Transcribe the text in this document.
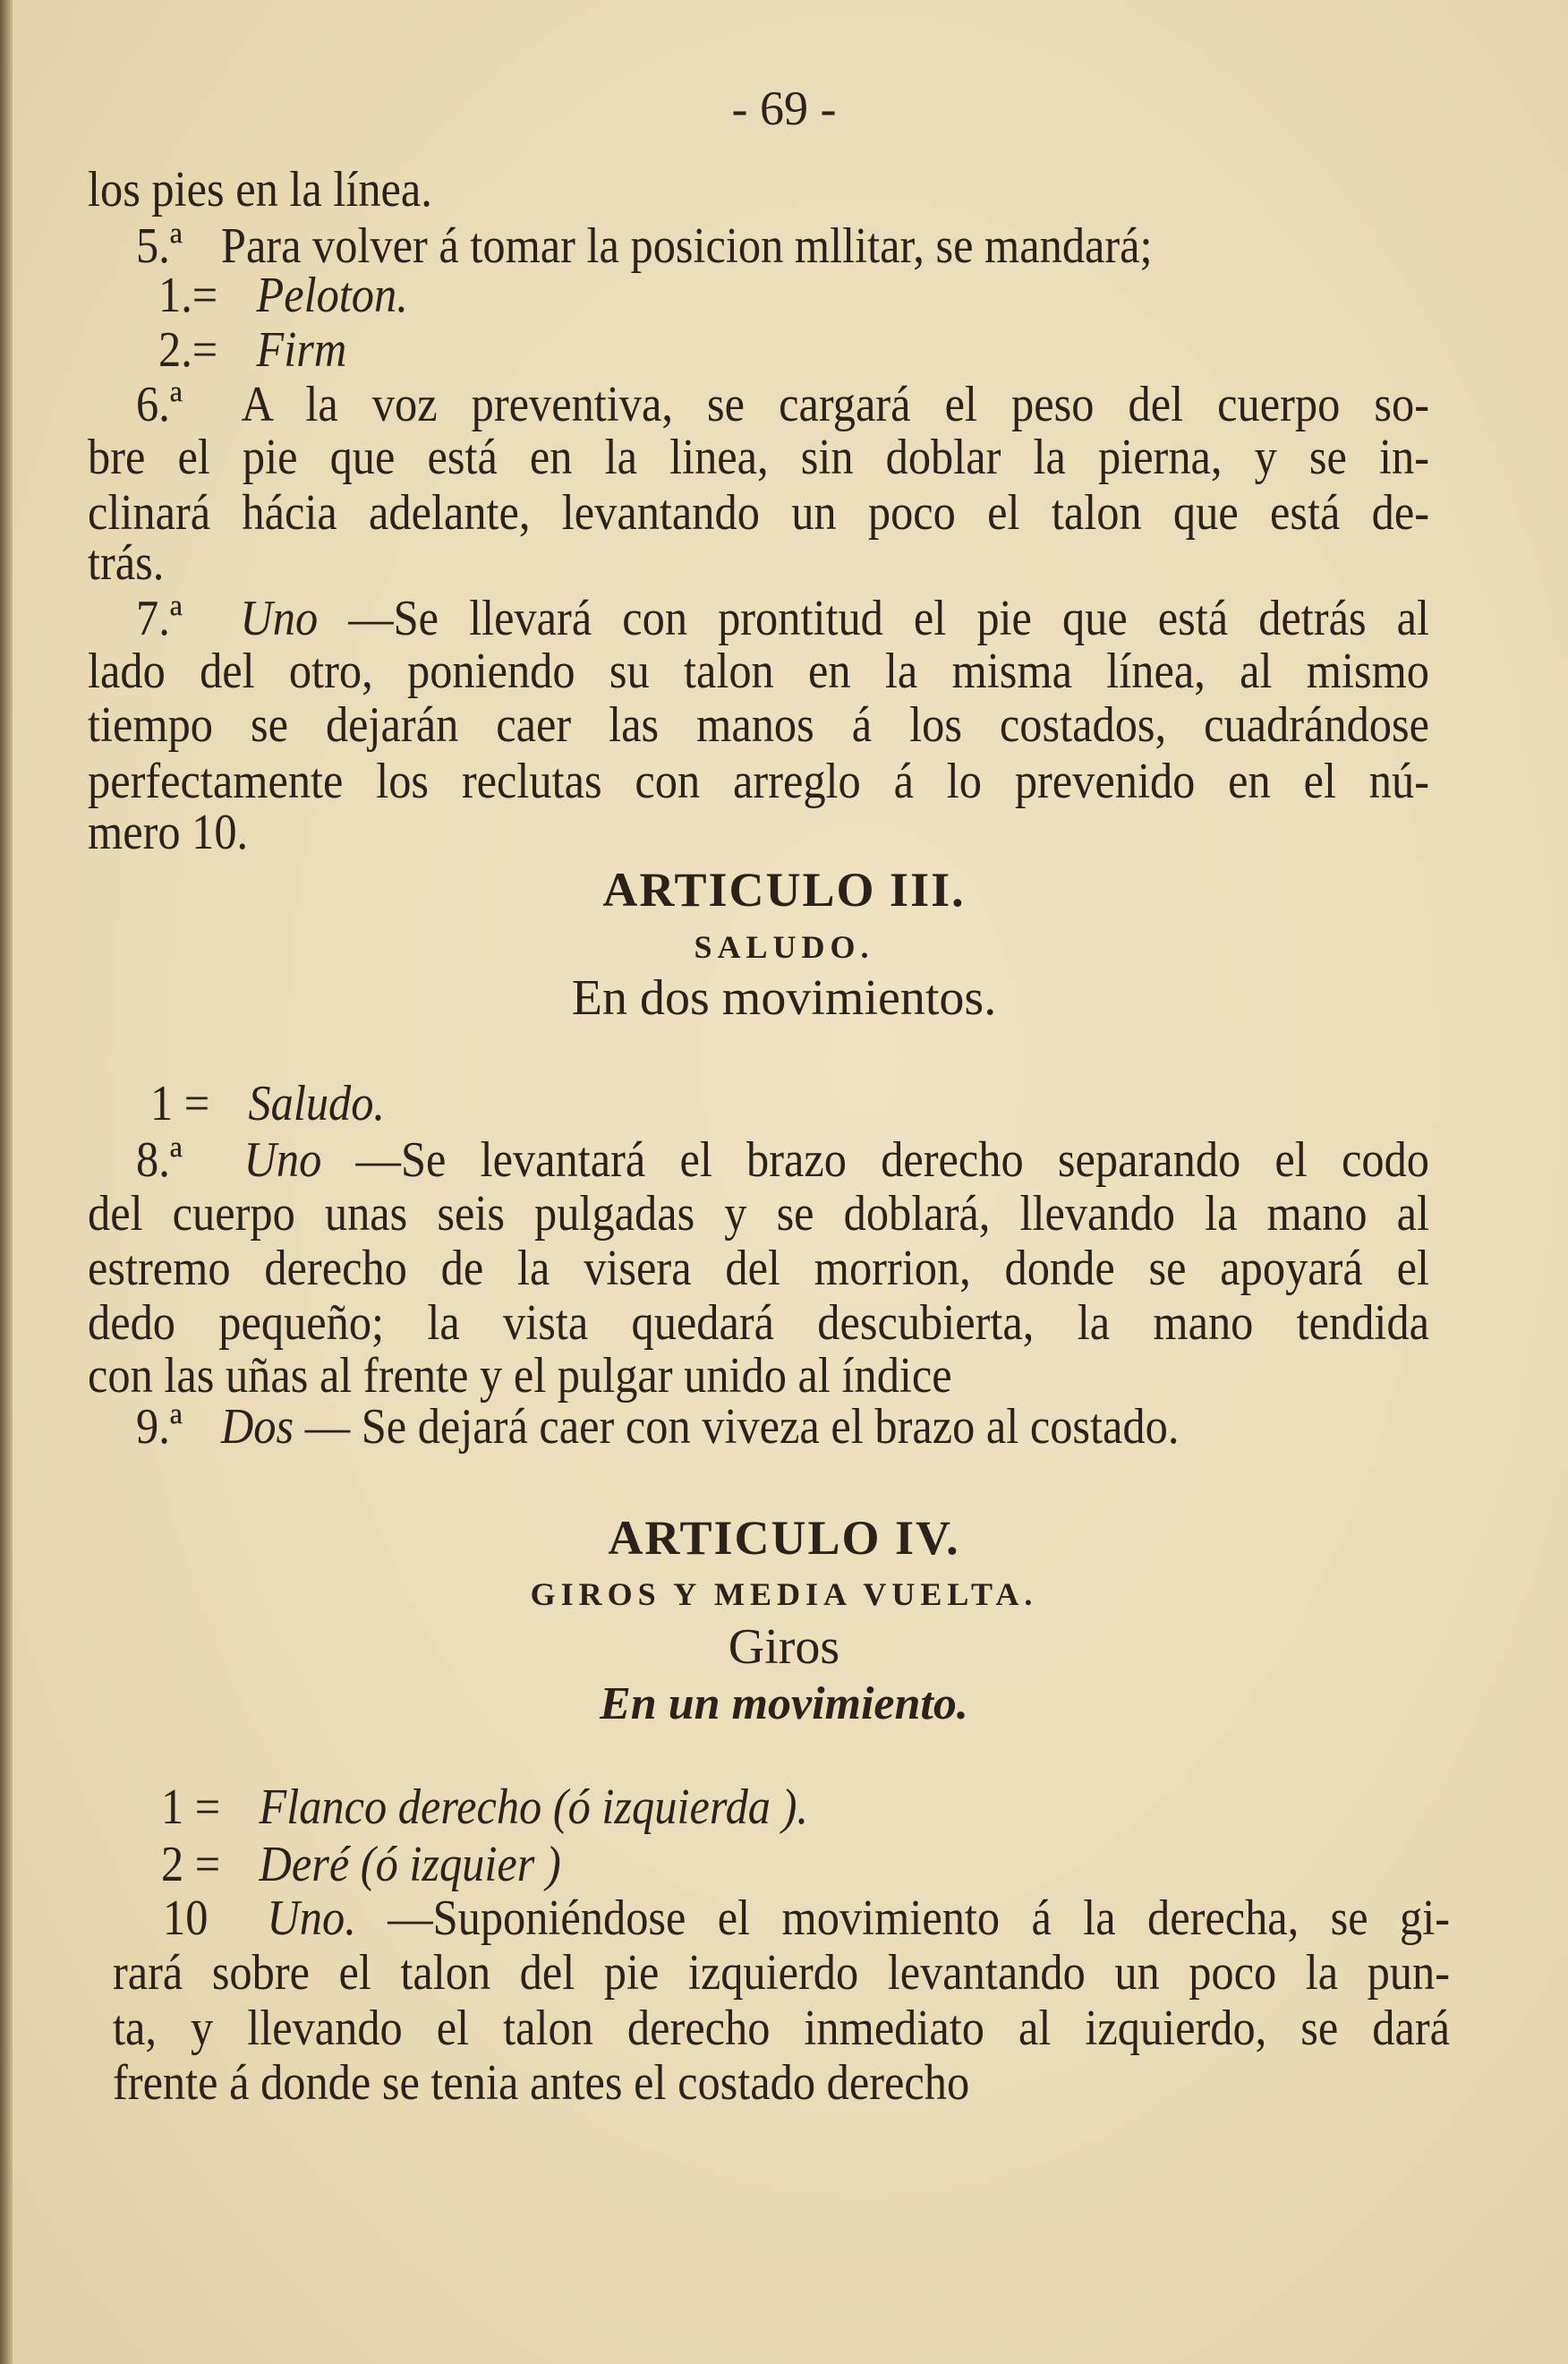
- 69 -
los pies en la línea.
5.ª Para volver á tomar la posicion mllitar, se mandará;
1.= Peloton.
2.= Firm
6.ª A la voz preventiva, se cargará el peso del cuerpo so-
bre el pie que está en la linea, sin doblar la pierna, y se in-
clinará hácia adelante, levantando un poco el talon que está de-
trás.
7.ª Uno —Se llevará con prontitud el pie que está detrás al
lado del otro, poniendo su talon en la misma línea, al mismo
tiempo se dejarán caer las manos á los costados, cuadrándose
perfectamente los reclutas con arreglo á lo prevenido en el nú-
mero 10.
1 = Saludo.
8.ª Uno —Se levantará el brazo derecho separando el codo
del cuerpo unas seis pulgadas y se doblará, llevando la mano al
estremo derecho de la visera del morrion, donde se apoyará el
dedo pequeño; la vista quedará descubierta, la mano tendida
con las uñas al frente y el pulgar unido al índice
9.ª Dos — Se dejará caer con viveza el brazo al costado.
1 = Flanco derecho (ó izquierda ).
2 = Deré (ó izquier )
10 Uno. —Suponiéndose el movimiento á la derecha, se gi-
rará sobre el talon del pie izquierdo levantando un poco la pun-
ta, y llevando el talon derecho inmediato al izquierdo, se dará
frente á donde se tenia antes el costado derecho
ARTICULO III.
SALUDO.
En dos movimientos.
ARTICULO IV.
GIROS Y MEDIA VUELTA.
Giros
En un movimiento.
